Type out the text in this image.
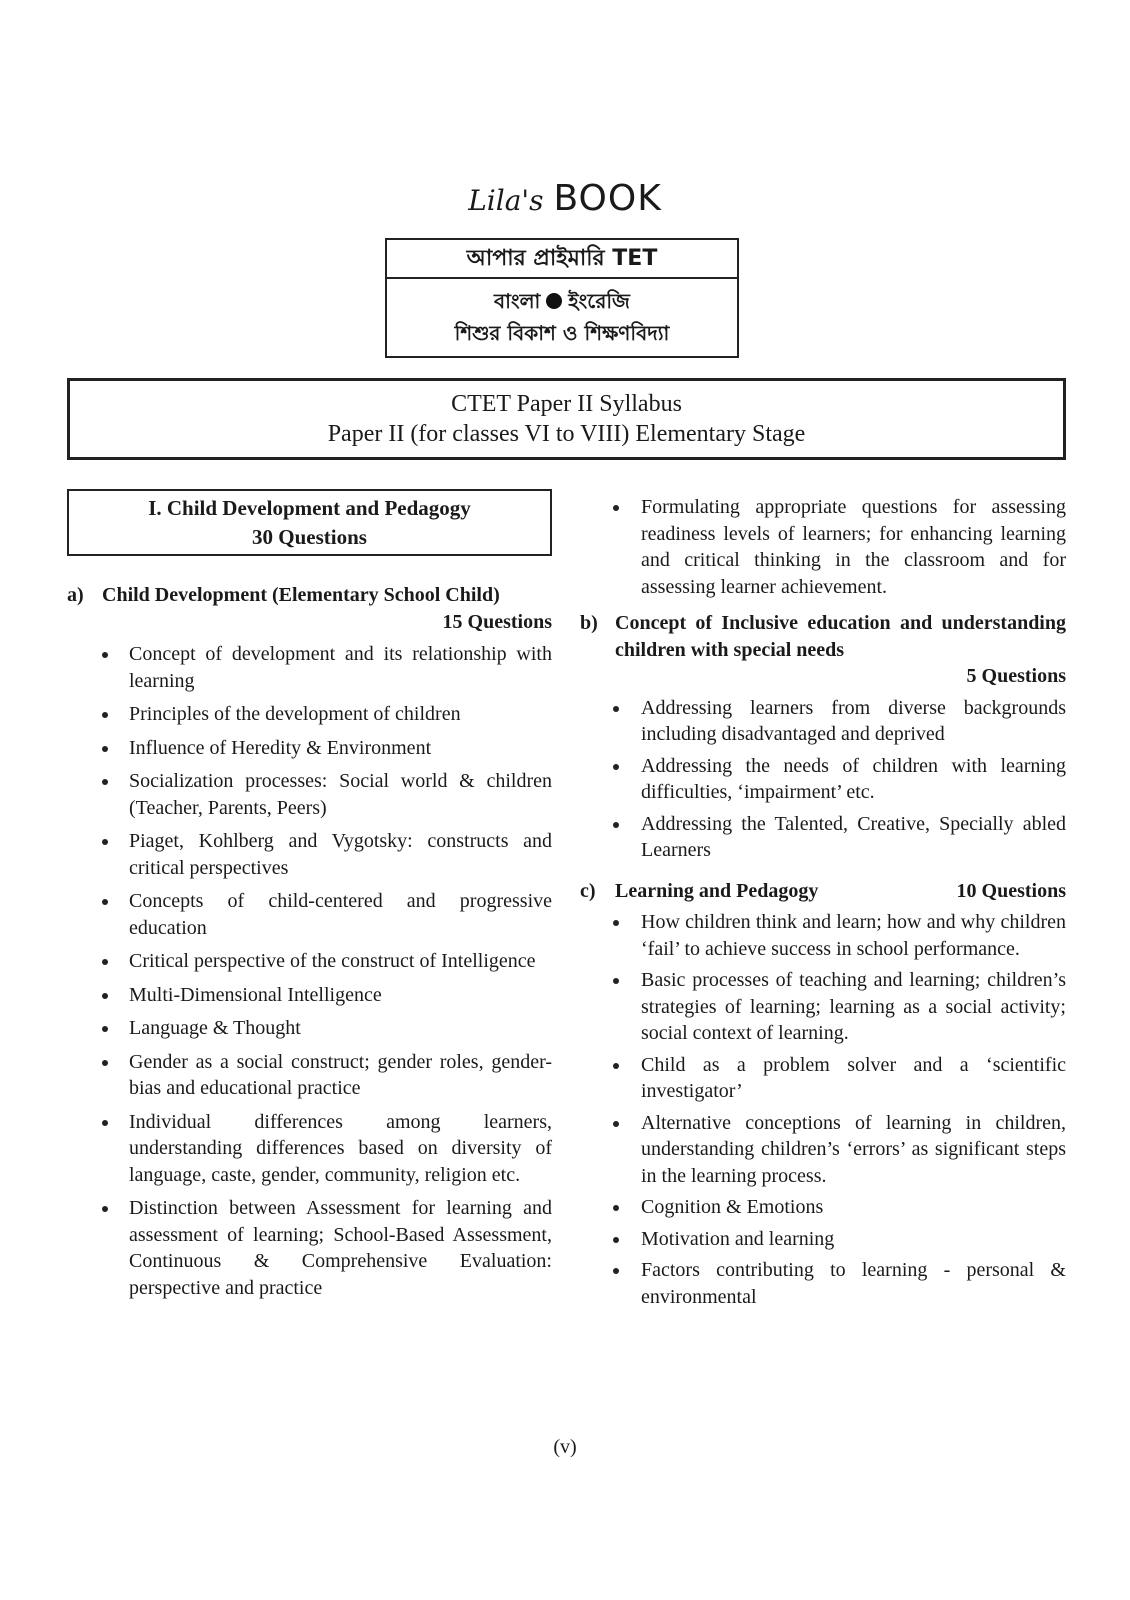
Lila's BOOK
আপার প্রাইমারি TET
বাংলা ইংরেজি
শিশুর বিকাশ ও শিক্ষণবিদ্যা
CTET Paper II Syllabus
Paper II (for classes VI to VIII) Elementary Stage
I. Child Development and Pedagogy
30 Questions
a) Child Development (Elementary School Child)
15 Questions
Concept of development and its relationship with learning
Principles of the development of children
Influence of Heredity & Environment
Socialization processes: Social world & children (Teacher, Parents, Peers)
Piaget, Kohlberg and Vygotsky: constructs and critical perspectives
Concepts of child-centered and progressive education
Critical perspective of the construct of Intelligence
Multi-Dimensional Intelligence
Language & Thought
Gender as a social construct; gender roles, gender-bias and educational practice
Individual differences among learners, understanding differences based on diversity of language, caste, gender, community, religion etc.
Distinction between Assessment for learning and assessment of learning; School-Based Assessment, Continuous & Comprehensive Evaluation: perspective and practice
Formulating appropriate questions for assessing readiness levels of learners; for enhancing learning and critical thinking in the classroom and for assessing learner achievement.
b) Concept of Inclusive education and understanding children with special needs
5 Questions
Addressing learners from diverse backgrounds including disadvantaged and deprived
Addressing the needs of children with learning difficulties, ‘impairment’ etc.
Addressing the Talented, Creative, Specially abled Learners
c) Learning and Pedagogy	10 Questions
How children think and learn; how and why children ‘fail’ to achieve success in school performance.
Basic processes of teaching and learning; children’s strategies of learning; learning as a social activity; social context of learning.
Child as a problem solver and a ‘scientific investigator’
Alternative conceptions of learning in children, understanding children’s ‘errors’ as significant steps in the learning process.
Cognition & Emotions
Motivation and learning
Factors contributing to learning - personal & environmental
(v)
